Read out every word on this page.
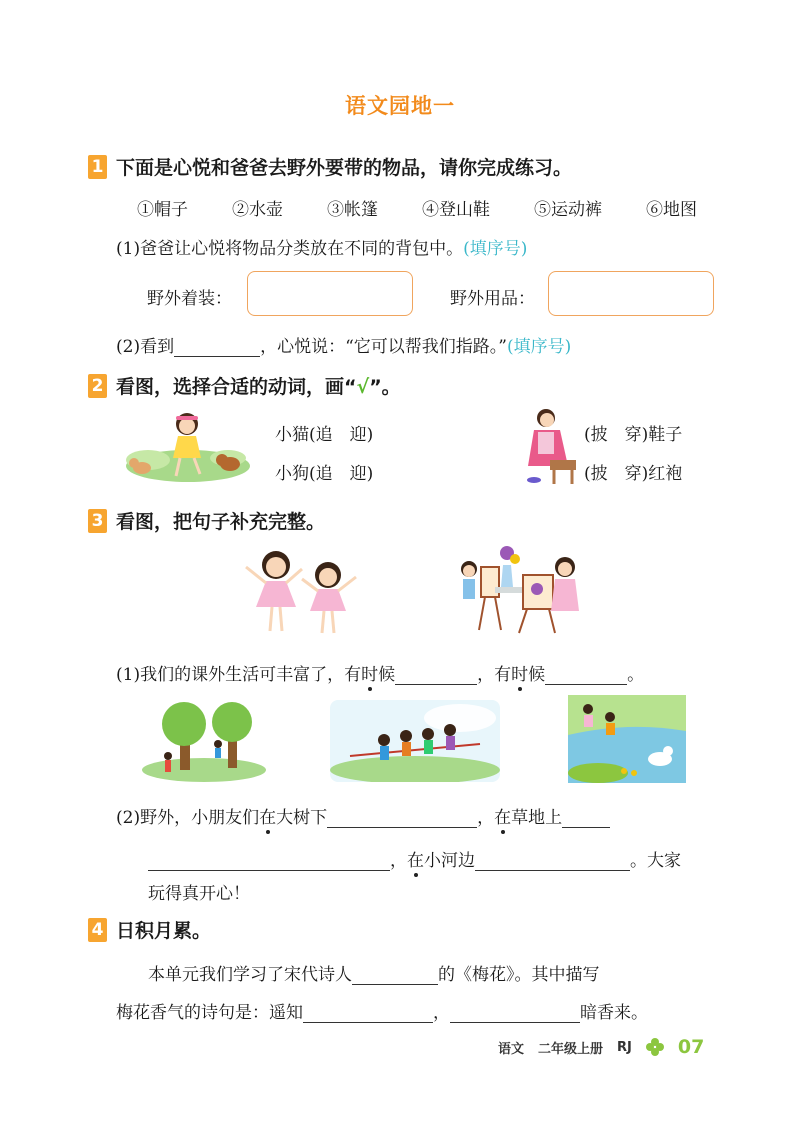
语文园地一
1 下面是心悦和爸爸去野外要带的物品，请你完成练习。
①帽子	②水壶	③帐篷	④登山鞋	⑤运动裤	⑥地图
(1)爸爸让心悦将物品分类放在不同的背包中。(填序号)
野外着装：	野外用品：
(2)看到	，心悦说：“它可以帮我们指路。”(填序号)
2 看图，选择合适的动词，画“√”。
小猫(追　迎)
小狗(追　迎)
(披　穿)鞋子
(披　穿)红袍
3 看图，把句子补充完整。
(1)我们的课外生活可丰富了，有时候	，有时候	。
(2)野外，小朋友们在大树下	，在草地上
，在小河边	。大家
玩得真开心！
4 日积月累。
本单元我们学习了宋代诗人	的《梅花》。其中描写
梅花香气的诗句是：遥知	，	暗香来。
语文 二年级上册 RJ 07
